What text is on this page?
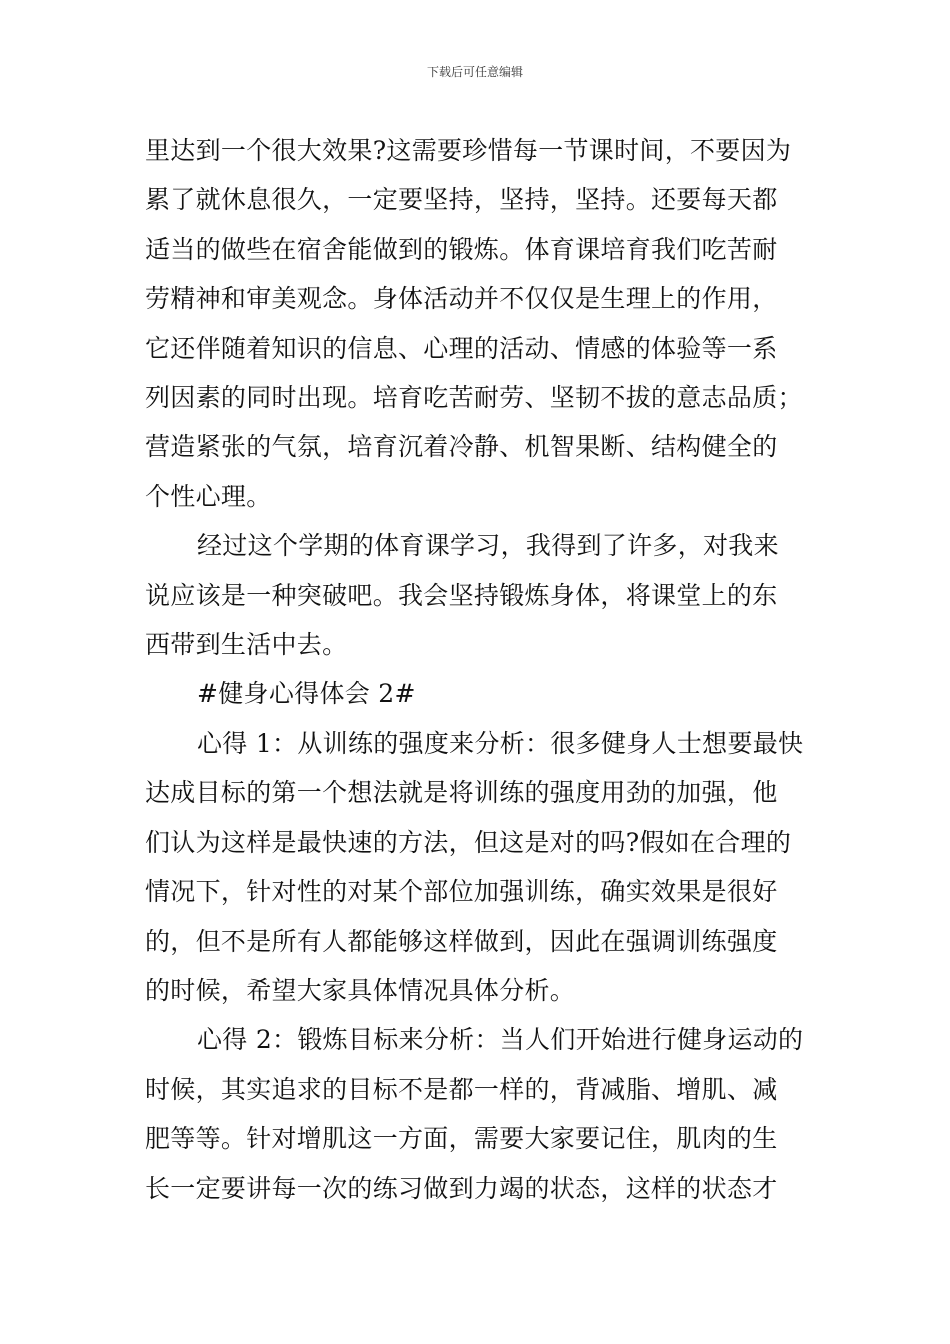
下载后可任意编辑

里达到一个很大效果?这需要珍惜每一节课时间，不要因为
累了就休息很久，一定要坚持，坚持，坚持。还要每天都
适当的做些在宿舍能做到的锻炼。体育课培育我们吃苦耐
劳精神和审美观念。身体活动并不仅仅是生理上的作用，
它还伴随着知识的信息、心理的活动、情感的体验等一系
列因素的同时出现。培育吃苦耐劳、坚韧不拔的意志品质；
营造紧张的气氛，培育沉着冷静、机智果断、结构健全的
个性心理。

经过这个学期的体育课学习，我得到了许多，对我来
说应该是一种突破吧。我会坚持锻炼身体，将课堂上的东
西带到生活中去。

#健身心得体会 2#

心得 1：从训练的强度来分析：很多健身人士想要最快
达成目标的第一个想法就是将训练的强度用劲的加强，他
们认为这样是最快速的方法，但这是对的吗?假如在合理的
情况下，针对性的对某个部位加强训练，确实效果是很好
的，但不是所有人都能够这样做到，因此在强调训练强度
的时候，希望大家具体情况具体分析。

心得 2：锻炼目标来分析：当人们开始进行健身运动的
时候，其实追求的目标不是都一样的，背减脂、增肌、减
肥等等。针对增肌这一方面，需要大家要记住，肌肉的生
长一定要讲每一次的练习做到力竭的状态，这样的状态才
